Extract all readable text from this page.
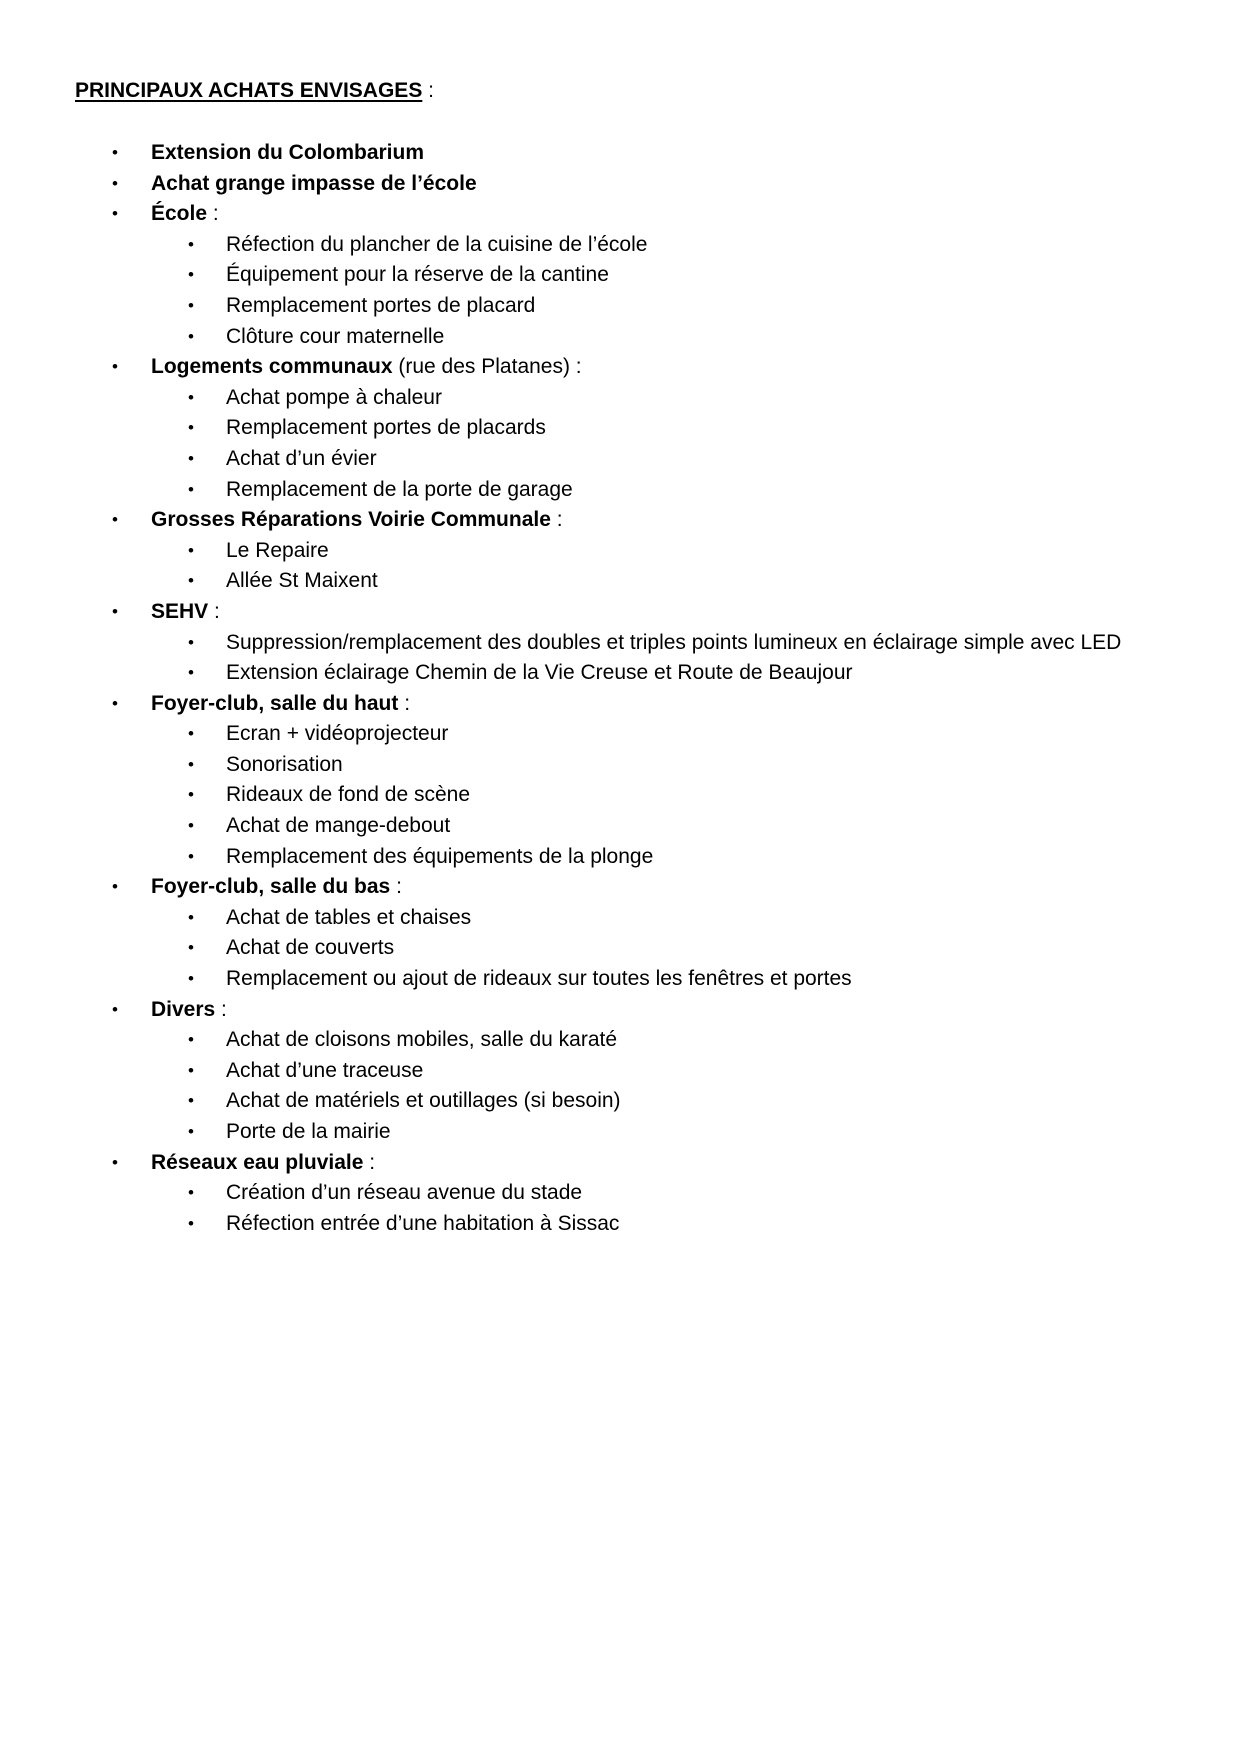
PRINCIPAUX ACHATS ENVISAGES :
• Extension du Colombarium
• Achat grange impasse de l’école
• École :
• Réfection du plancher de la cuisine de l’école
• Équipement pour la réserve de la cantine
• Remplacement portes de placard
• Clôture cour maternelle
• Logements communaux (rue des Platanes) :
• Achat pompe à chaleur
• Remplacement portes de placards
• Achat d’un évier
• Remplacement de la porte de garage
• Grosses Réparations Voirie Communale :
• Le Repaire
• Allée St Maixent
• SEHV :
• Suppression/remplacement des doubles et triples points lumineux en éclairage simple avec LED
• Extension éclairage Chemin de la Vie Creuse et Route de Beaujour
• Foyer-club, salle du haut :
• Ecran + vidéoprojecteur
• Sonorisation
• Rideaux de fond de scène
• Achat de mange-debout
• Remplacement des équipements de la plonge
• Foyer-club, salle du bas :
• Achat de tables et chaises
• Achat de couverts
• Remplacement ou ajout de rideaux sur toutes les fenêtres et portes
• Divers :
• Achat de cloisons mobiles, salle du karaté
• Achat d’une traceuse
• Achat de matériels et outillages (si besoin)
• Porte de la mairie
• Réseaux eau pluviale :
• Création d’un réseau avenue du stade
• Réfection entrée d’une habitation à Sissac
